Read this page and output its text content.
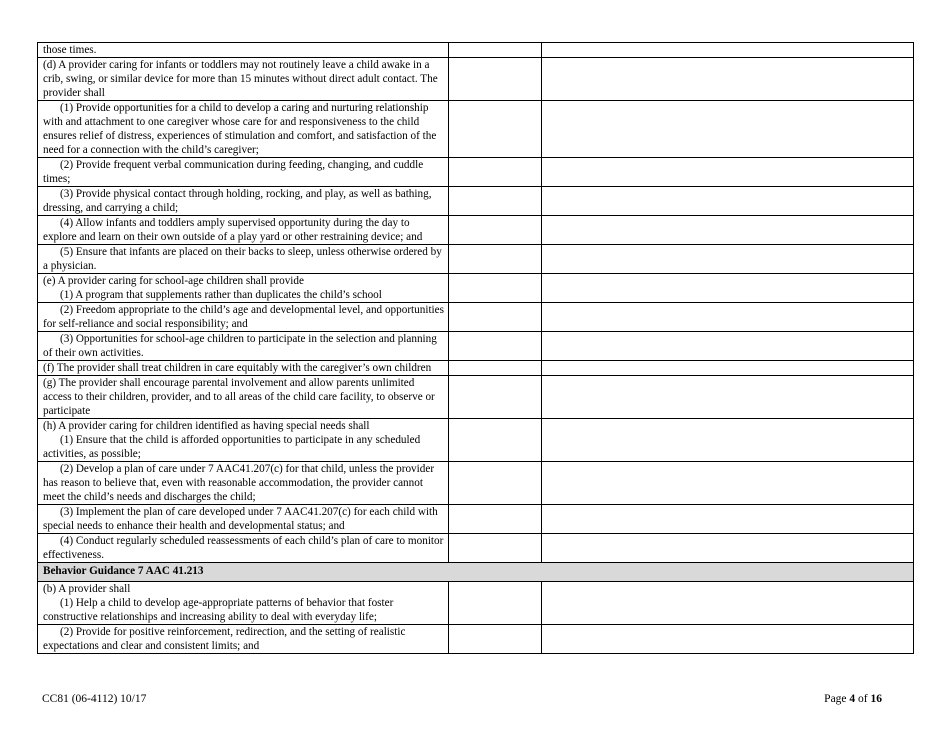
those times.		
(d) A provider caring for infants or toddlers may not routinely leave a child awake in a crib, swing, or similar device for more than 15 minutes without direct adult contact. The provider shall		

(1) Provide opportunities for a child to develop a caring and nurturing relationship with and attachment to one caregiver whose care for and responsiveness to the child ensures relief of distress, experiences of stimulation and comfort, and satisfaction of the need for a connection with the child’s caregiver;		

(2) Provide frequent verbal communication during feeding, changing, and cuddle times;		

(3) Provide physical contact through holding, rocking, and play, as well as bathing, dressing, and carrying a child;		

(4) Allow infants and toddlers amply supervised opportunity during the day to explore and learn on their own outside of a play yard or other restraining device; and		

(5) Ensure that infants are placed on their backs to sleep, unless otherwise ordered by a physician.		

(e) A provider caring for school-age children shall provide
(1) A program that supplements rather than duplicates the child’s school		

(2) Freedom appropriate to the child’s age and developmental level, and opportunities for self-reliance and social responsibility; and		

(3) Opportunities for school-age children to participate in the selection and planning of their own activities.		

(f) The provider shall treat children in care equitably with the caregiver’s own children		
(g) The provider shall encourage parental involvement and allow parents unlimited access to their children, provider, and to all areas of the child care facility, to observe or participate		

(h) A provider caring for children identified as having special needs shall
(1) Ensure that the child is afforded opportunities to participate in any scheduled activities, as possible;		

(2) Develop a plan of care under 7 AAC41.207(c) for that child, unless the provider has reason to believe that, even with reasonable accommodation, the provider cannot meet the child’s needs and discharges the child;		

(3) Implement the plan of care developed under 7 AAC41.207(c) for each child with special needs to enhance their health and developmental status; and		

(4) Conduct regularly scheduled reassessments of each child’s plan of care to monitor effectiveness.		

Behavior Guidance 7 AAC 41.213		

(b) A provider shall
(1) Help a child to develop age-appropriate patterns of behavior that foster constructive relationships and increasing ability to deal with everyday life;		

(2) Provide for positive reinforcement, redirection, and the setting of realistic expectations and clear and consistent limits; and		

CC81 (06-4112) 10/17	Page 4 of 16
